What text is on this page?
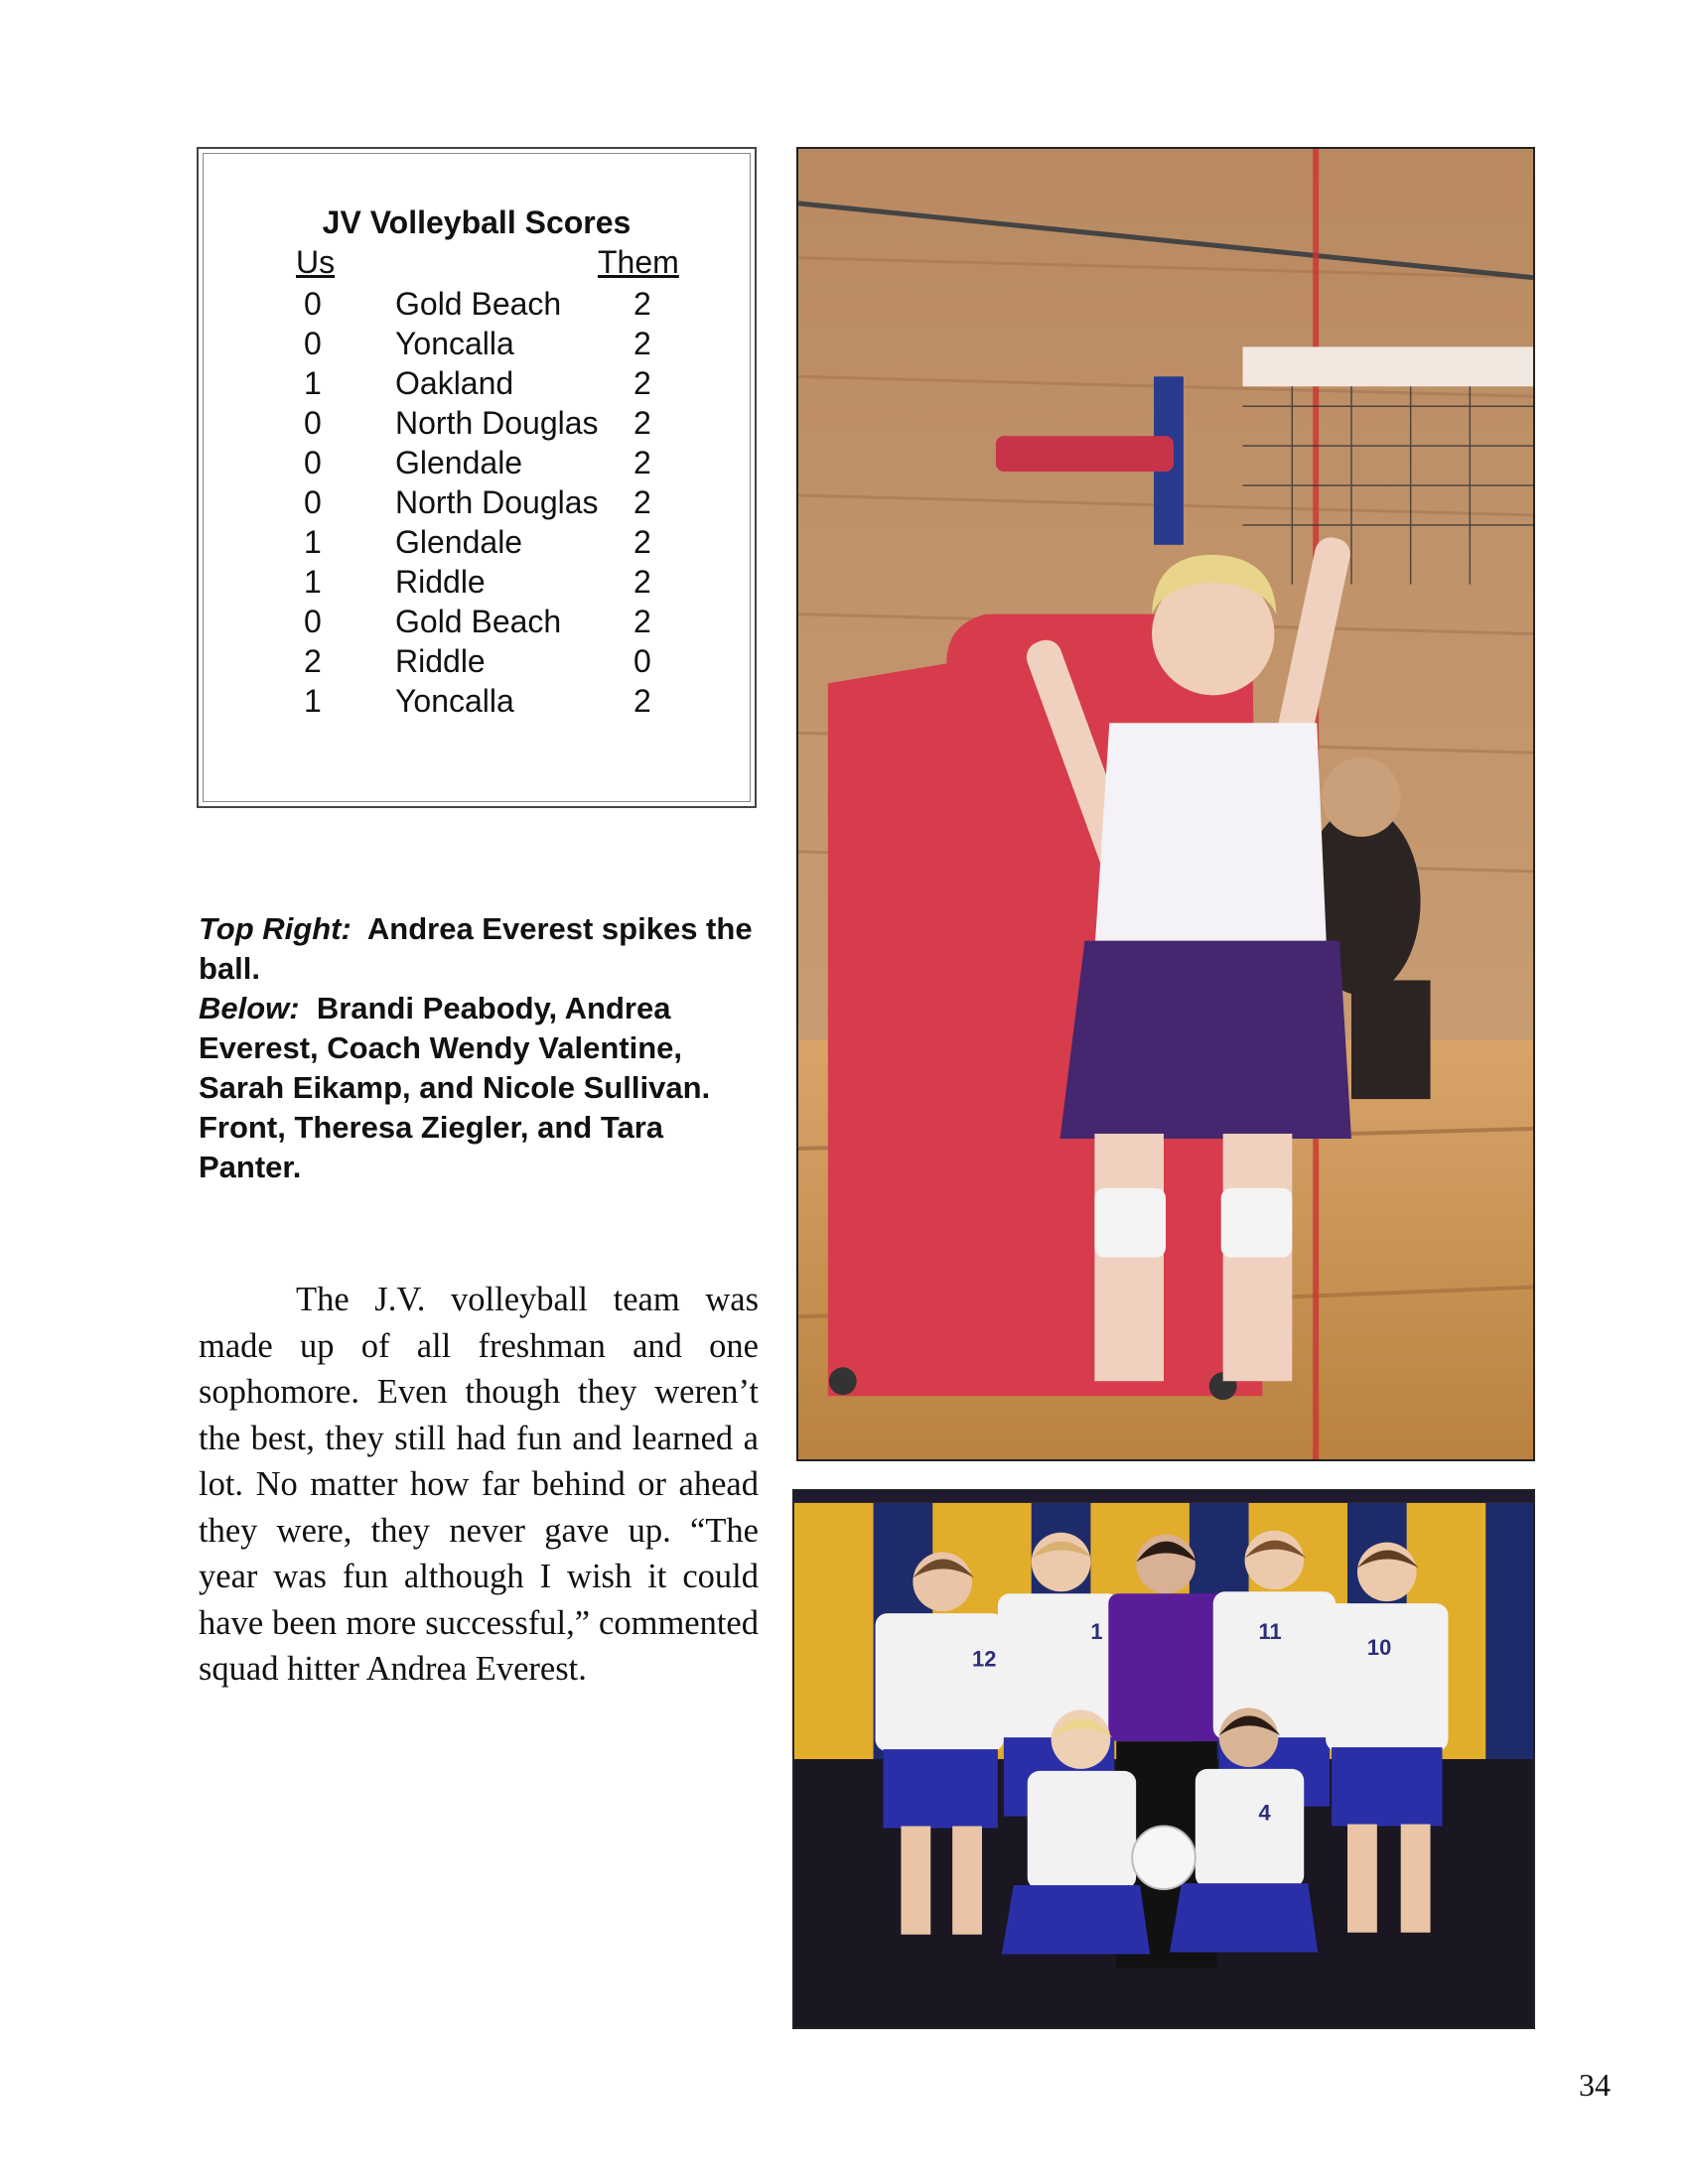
JV Volleyball Scores
Us	Them
0 Gold Beach 2
0 Yoncalla	2
1 Oakland	2
0 North Douglas 2
0 Glendale	2
0 North Douglas 2
1 Glendale	2
1 Riddle	2
0 Gold Beach 2
2 Riddle	0
1 Yoncalla	2
Top Right: Andrea Everest spikes the ball.
Below: Brandi Peabody, Andrea Everest, Coach Wendy Valentine, Sarah Eikamp, and Nicole Sullivan. Front, Theresa Ziegler, and Tara Panter.

The J.V. volleyball team was made up of all freshman and one sophomore. Even though they weren’t the best, they still had fun and learned a lot. No matter how far behind or ahead they were, they never gave up. “The year was fun although I wish it could have been more successful,” commented squad hitter Andrea Everest.	12
1	11
10
4
34
